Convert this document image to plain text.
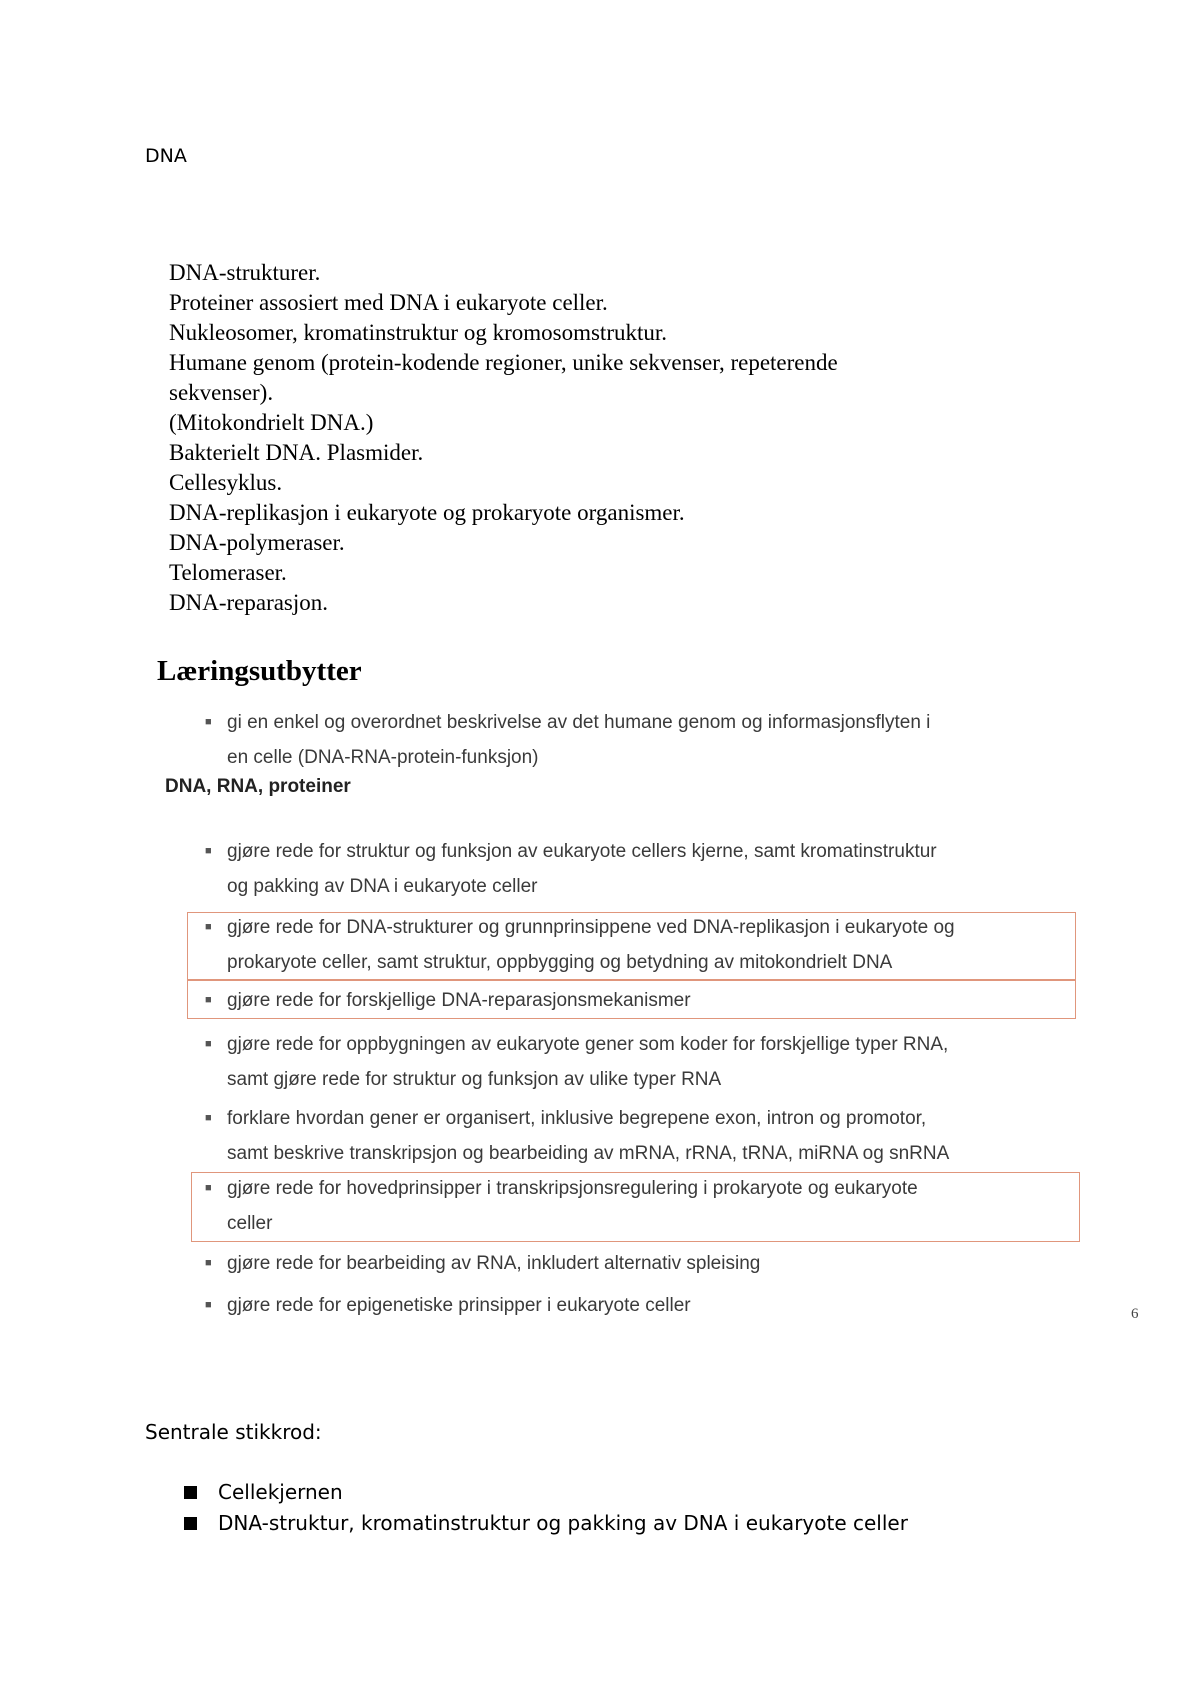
DNA
DNA-strukturer.
Proteiner assosiert med DNA i eukaryote celler.
Nukleosomer, kromatinstruktur og kromosomstruktur.
Humane genom (protein-kodende regioner, unike sekvenser, repeterende sekvenser).
(Mitokondrielt DNA.)
Bakterielt DNA. Plasmider.
Cellesyklus.
DNA-replikasjon i eukaryote og prokaryote organismer.
DNA-polymeraser.
Telomeraser.
DNA-reparasjon.
Læringsutbytter
■ gi en enkel og overordnet beskrivelse av det humane genom og informasjonsflyten i
en celle (DNA-RNA-protein-funksjon)
DNA, RNA, proteiner
■ gjøre rede for struktur og funksjon av eukaryote cellers kjerne, samt kromatinstruktur
og pakking av DNA i eukaryote celler
■ gjøre rede for DNA-strukturer og grunnprinsippene ved DNA-replikasjon i eukaryote og
prokaryote celler, samt struktur, oppbygging og betydning av mitokondrielt DNA
■ gjøre rede for forskjellige DNA-reparasjonsmekanismer
■ gjøre rede for oppbygningen av eukaryote gener som koder for forskjellige typer RNA,
samt gjøre rede for struktur og funksjon av ulike typer RNA
■ forklare hvordan gener er organisert, inklusive begrepene exon, intron og promotor,
samt beskrive transkripsjon og bearbeiding av mRNA, rRNA, tRNA, miRNA og snRNA
■ gjøre rede for hovedprinsipper i transkripsjonsregulering i prokaryote og eukaryote
celler
■ gjøre rede for bearbeiding av RNA, inkludert alternativ spleising
■ gjøre rede for epigenetiske prinsipper i eukaryote celler	6
Sentrale stikkrod:
Cellekjernen
DNA-struktur, kromatinstruktur og pakking av DNA i eukaryote celler
